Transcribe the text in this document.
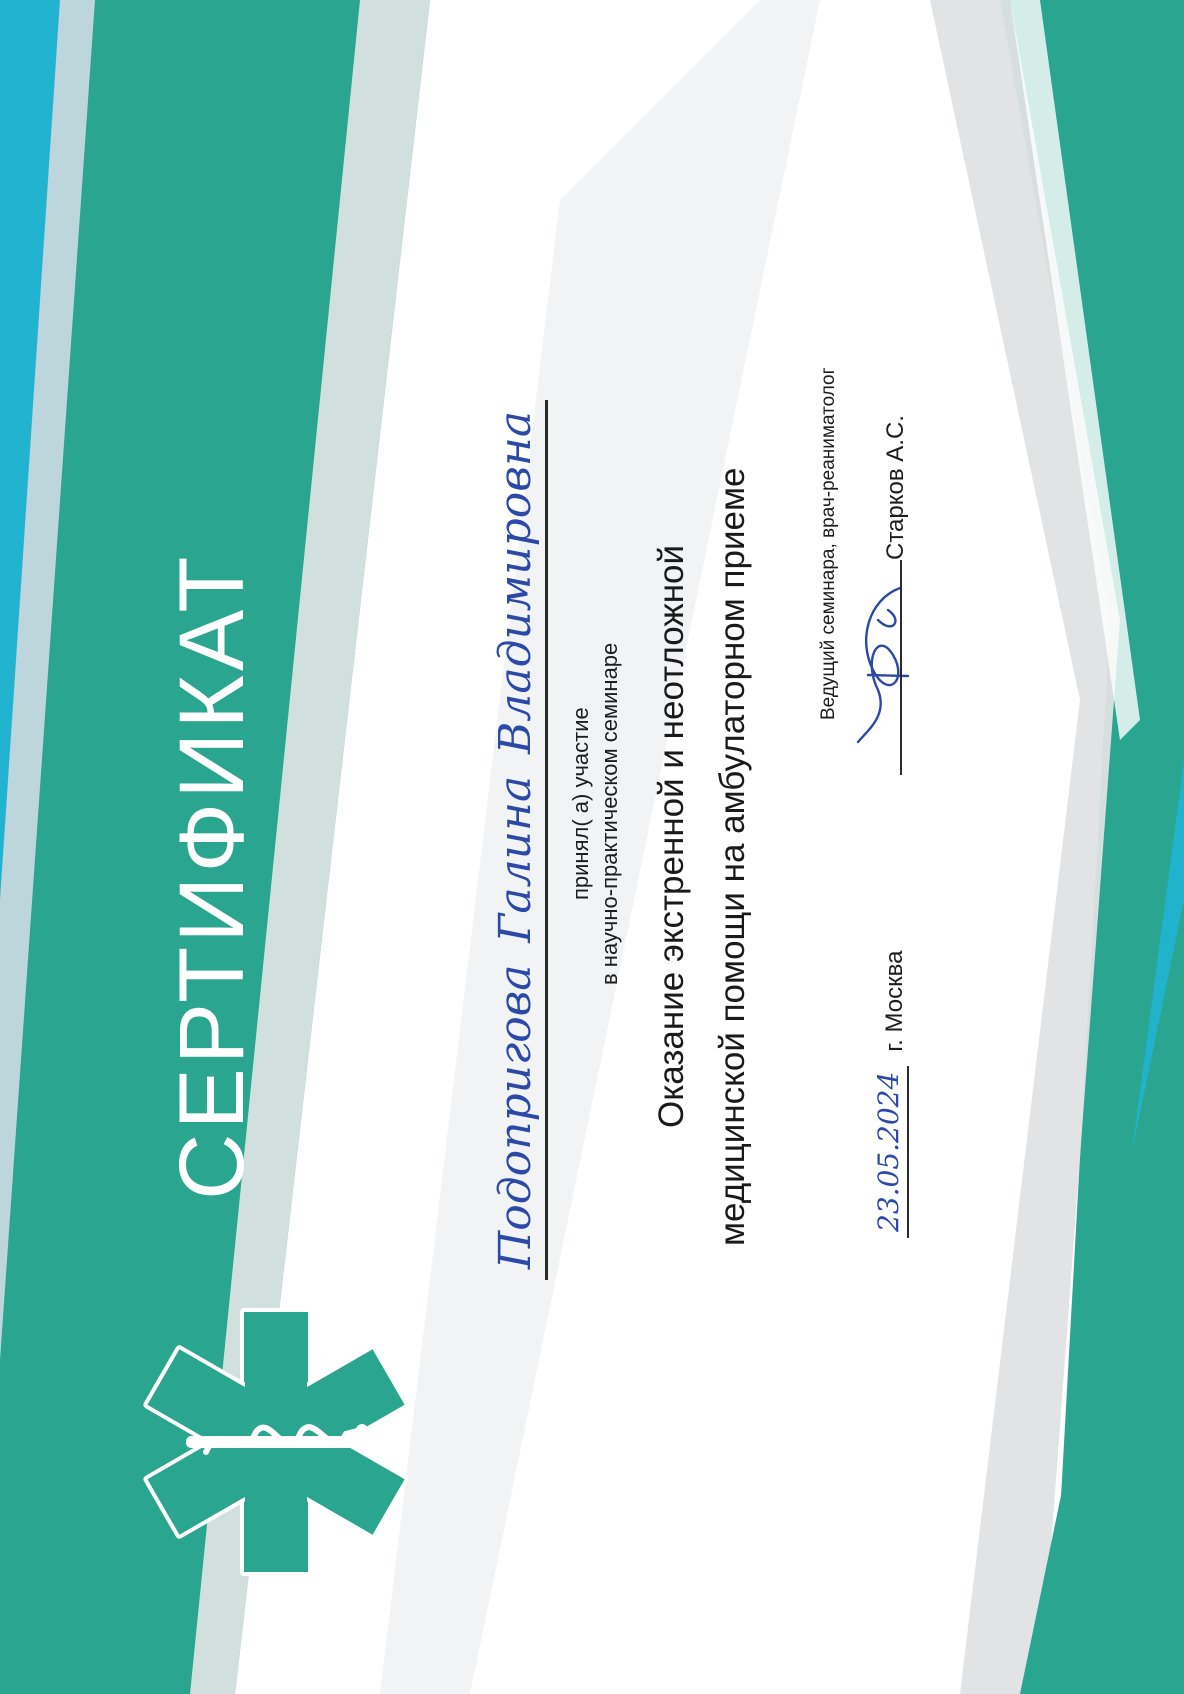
СЕРТИФИКАТ	Подопригова
Галина
Владимировна
принял( а) участие в научно-практическом семинаре Оказание экстренной и неотложной медицинской помощи на амбулаторном приеме	23.05.2024
г. Москва
Ведущий семинара, врач-реаниматолог Старков А.С.
